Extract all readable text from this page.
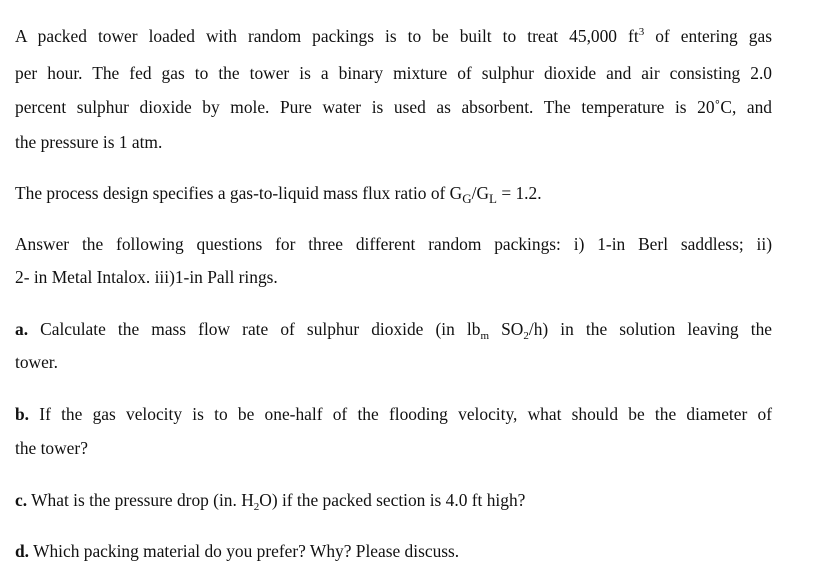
A packed tower loaded with random packings is to be built to treat 45,000 $ft^3$ of entering gas
per hour. The fed gas to the tower is a binary mixture of sulphur dioxide and air consisting 2.0
percent sulphur dioxide by mole. Pure water is used as absorbent. The temperature is 20˚C, and
the pressure is 1 atm.
The process design specifies a gas-to-liquid mass flux ratio of $G_G/G_L = 1.2$.
Answer the following questions for three different random packings: i) 1-in Berl saddless; ii)
2- in Metal Intalox. iii)1-in Pall rings.
a. Calculate the mass flow rate of sulphur dioxide (in $lb_m$ $SO_2/h$) in the solution leaving the
tower.
b. If the gas velocity is to be one-half of the flooding velocity, what should be the diameter of
the tower?
c. What is the pressure drop (in. $H_2O$) if the packed section is 4.0 ft high?
d. Which packing material do you prefer? Why? Please discuss.
